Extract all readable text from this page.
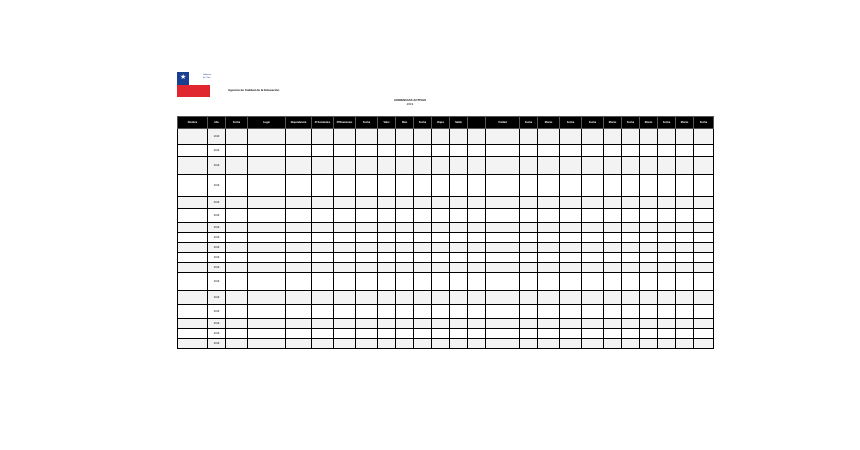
★	Gobierno de Chile
Agencia de Calidad de la Educación
AUDIENCIAS ACTIVAS
2019
Nombre	Año	Fecha	Lugar	Dependencia	N°Asistentes	N°Reuniones	Fecha	Valor	Días	Fecha	Viajes	Saldo		Unidad	Fecha	Monto	Fecha	Fecha	Monto	Fecha	Monto	Fecha	Monto	Fecha
	2019																							
	2019																							
	2019																							
	2019																							
	2019																							
	2019																							
	2019																							
	2019																							
	2019																							
	2019																							
	2019																							
	2019																							
	2019																							
	2019																							
	2019																							
	2019																							
	2019																							
